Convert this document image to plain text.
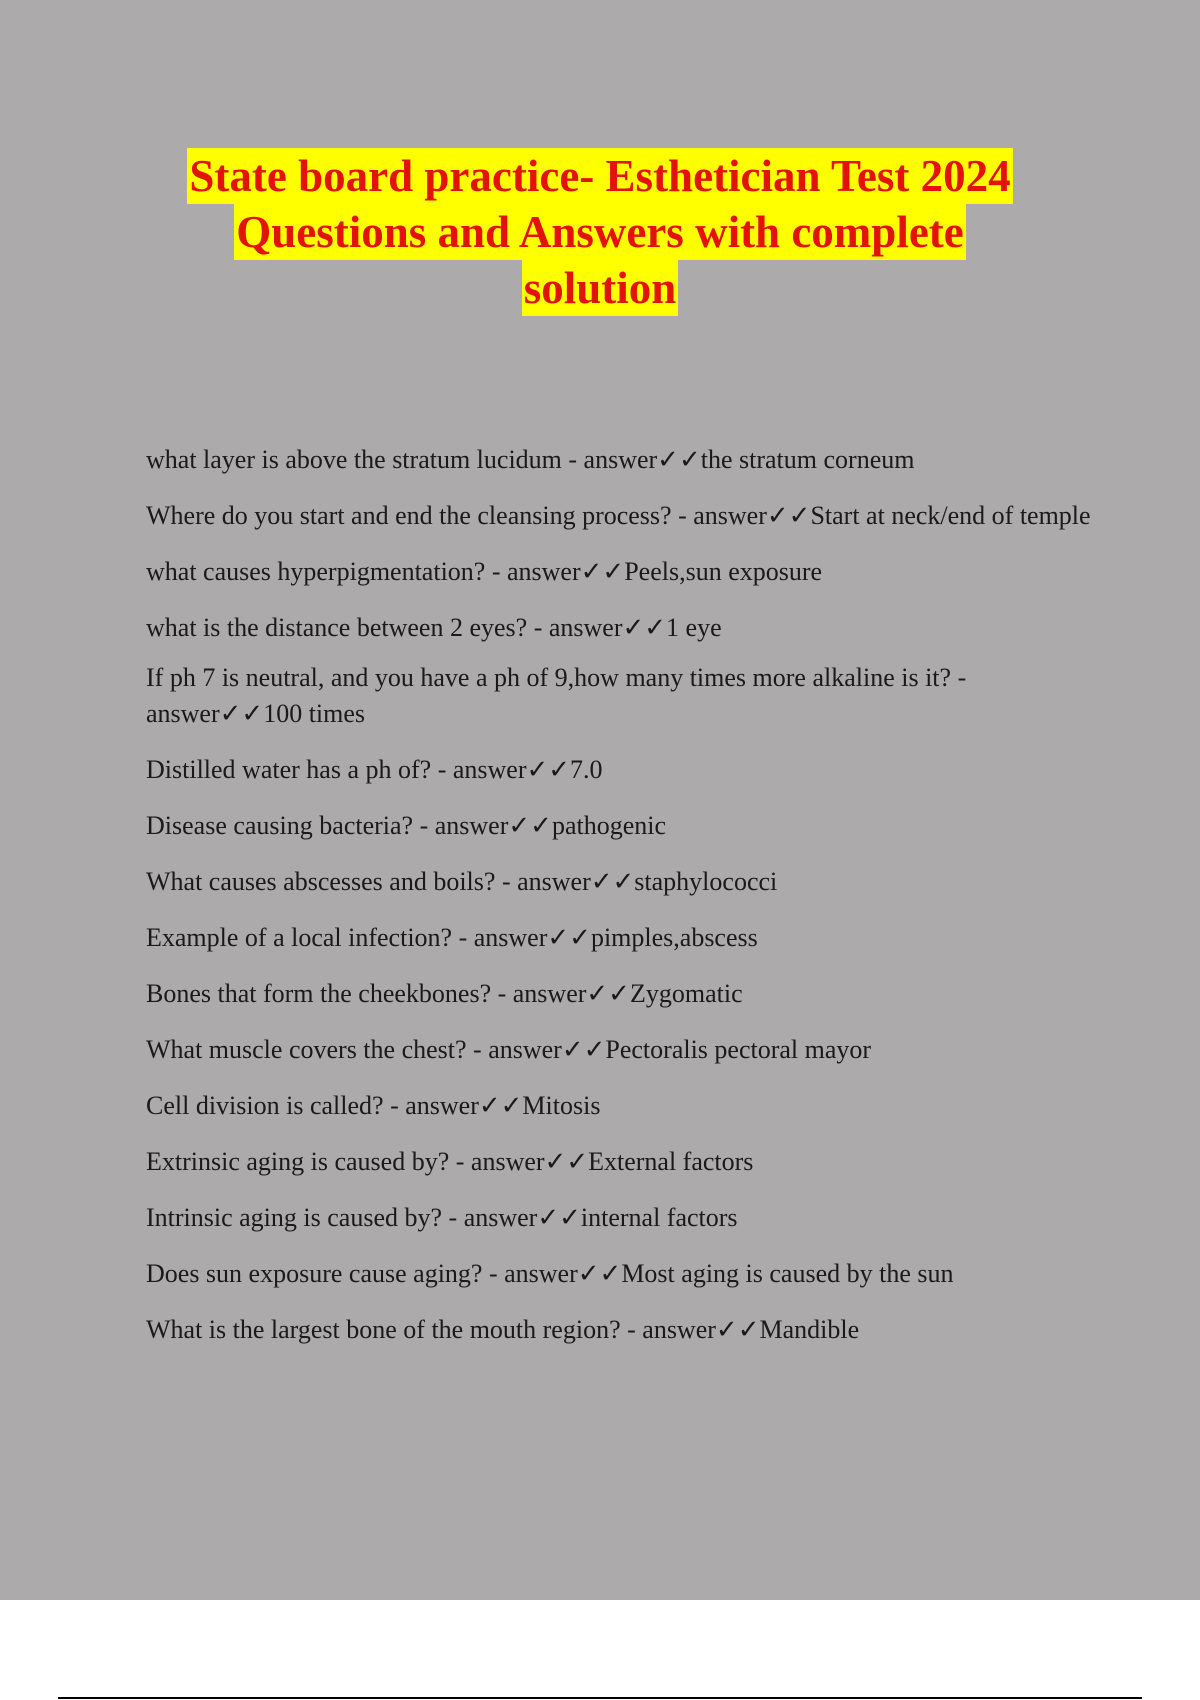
State board practice- Esthetician Test 2024
Questions and Answers with complete
solution

what layer is above the stratum lucidum - answer✓✓the stratum corneum

Where do you start and end the cleansing process? - answer✓✓Start at neck/end of temple

what causes hyperpigmentation? - answer✓✓Peels,sun exposure

what is the distance between 2 eyes? - answer✓✓1 eye

If ph 7 is neutral, and you have a ph of 9,how many times more alkaline is it? - answer✓✓100 times

Distilled water has a ph of? - answer✓✓7.0

Disease causing bacteria? - answer✓✓pathogenic

What causes abscesses and boils? - answer✓✓staphylococci

Example of a local infection? - answer✓✓pimples,abscess

Bones that form the cheekbones? - answer✓✓Zygomatic

What muscle covers the chest? - answer✓✓Pectoralis pectoral mayor

Cell division is called? - answer✓✓Mitosis

Extrinsic aging is caused by? - answer✓✓External factors

Intrinsic aging is caused by? - answer✓✓internal factors

Does sun exposure cause aging? - answer✓✓Most aging is caused by the sun

What is the largest bone of the mouth region? - answer✓✓Mandible
